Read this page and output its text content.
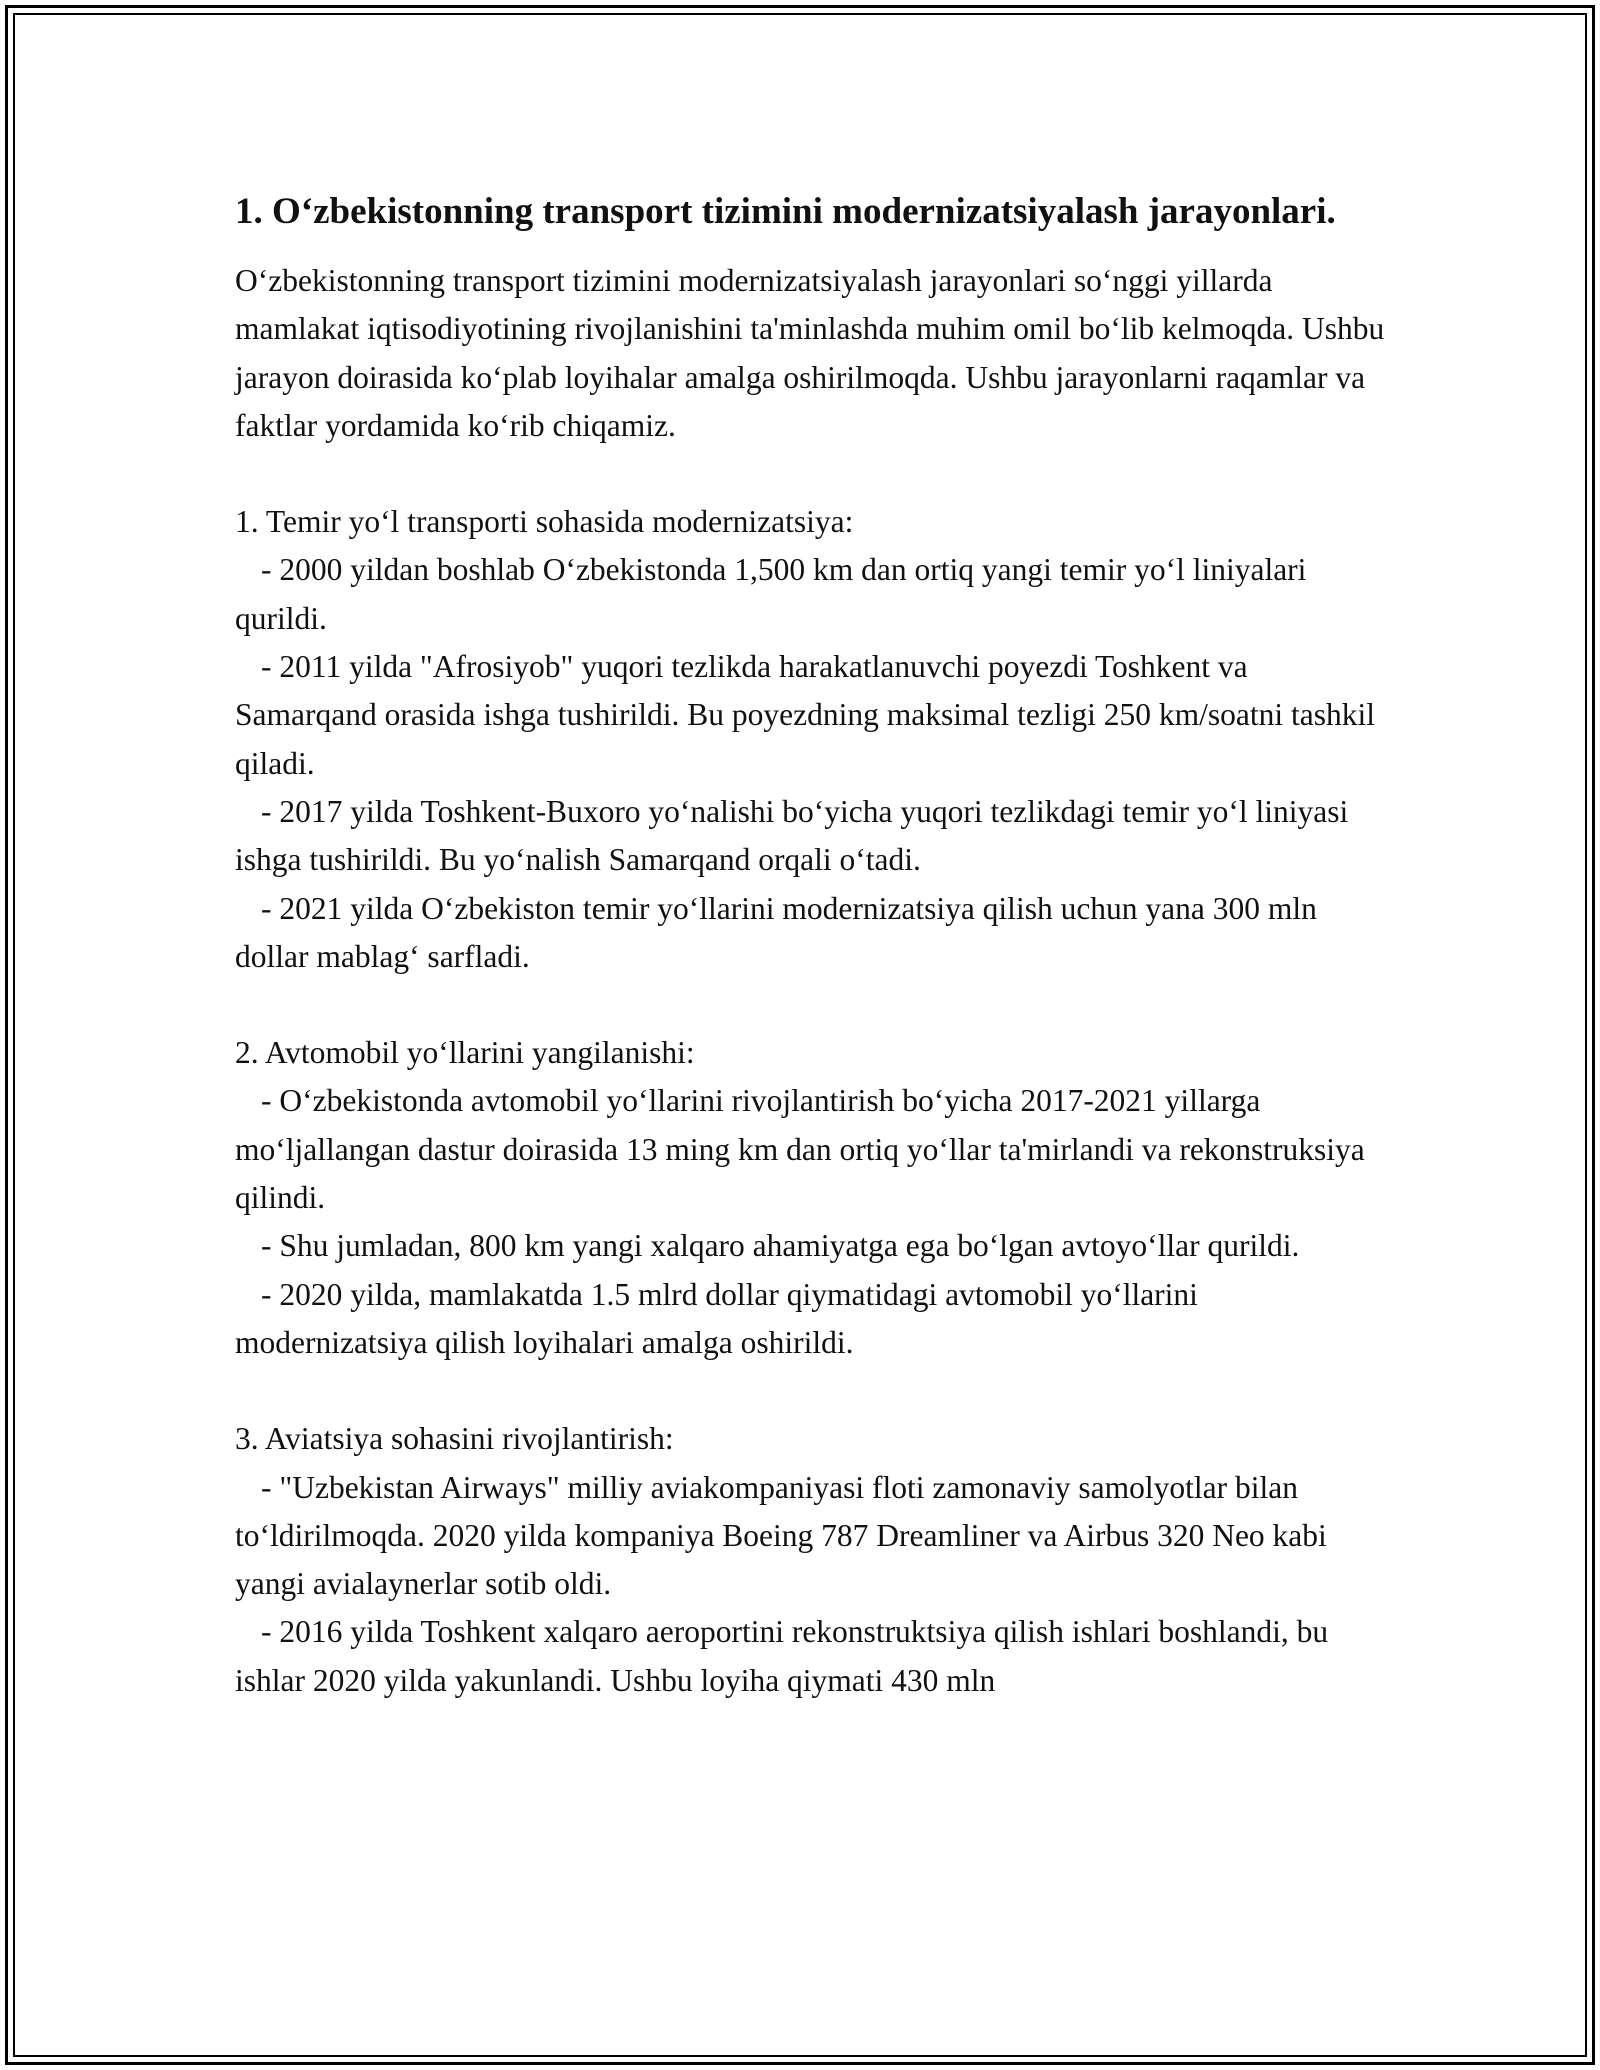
1. O‘zbekistonning transport tizimini modernizatsiyalash jarayonlari.

O‘zbekistonning transport tizimini modernizatsiyalash jarayonlari so‘nggi yillarda mamlakat iqtisodiyotining rivojlanishini ta'minlashda muhim omil bo‘lib kelmoqda. Ushbu jarayon doirasida ko‘plab loyihalar amalga oshirilmoqda. Ushbu jarayonlarni raqamlar va faktlar yordamida ko‘rib chiqamiz.

1. Temir yo‘l transporti sohasida modernizatsiya:

- 2000 yildan boshlab O‘zbekistonda 1,500 km dan ortiq yangi temir yo‘l liniyalari qurildi.

- 2011 yilda "Afrosiyob" yuqori tezlikda harakatlanuvchi poyezdi Toshkent va Samarqand orasida ishga tushirildi. Bu poyezdning maksimal tezligi 250 km/soatni tashkil qiladi.

- 2017 yilda Toshkent-Buxoro yo‘nalishi bo‘yicha yuqori tezlikdagi temir yo‘l liniyasi ishga tushirildi. Bu yo‘nalish Samarqand orqali o‘tadi.

- 2021 yilda O‘zbekiston temir yo‘llarini modernizatsiya qilish uchun yana 300 mln dollar mablag‘ sarfladi.

2. Avtomobil yo‘llarini yangilanishi:

- O‘zbekistonda avtomobil yo‘llarini rivojlantirish bo‘yicha 2017-2021 yillarga mo‘ljallangan dastur doirasida 13 ming km dan ortiq yo‘llar ta'mirlandi va rekonstruksiya qilindi.

- Shu jumladan, 800 km yangi xalqaro ahamiyatga ega bo‘lgan avtoyo‘llar qurildi.

- 2020 yilda, mamlakatda 1.5 mlrd dollar qiymatidagi avtomobil yo‘llarini modernizatsiya qilish loyihalari amalga oshirildi.

3. Aviatsiya sohasini rivojlantirish:

- "Uzbekistan Airways" milliy aviakompaniyasi floti zamonaviy samolyotlar bilan to‘ldirilmoqda. 2020 yilda kompaniya Boeing 787 Dreamliner va Airbus 320 Neo kabi yangi avialaynerlar sotib oldi.

- 2016 yilda Toshkent xalqaro aeroportini rekonstruktsiya qilish ishlari boshlandi, bu ishlar 2020 yilda yakunlandi. Ushbu loyiha qiymati 430 mln
